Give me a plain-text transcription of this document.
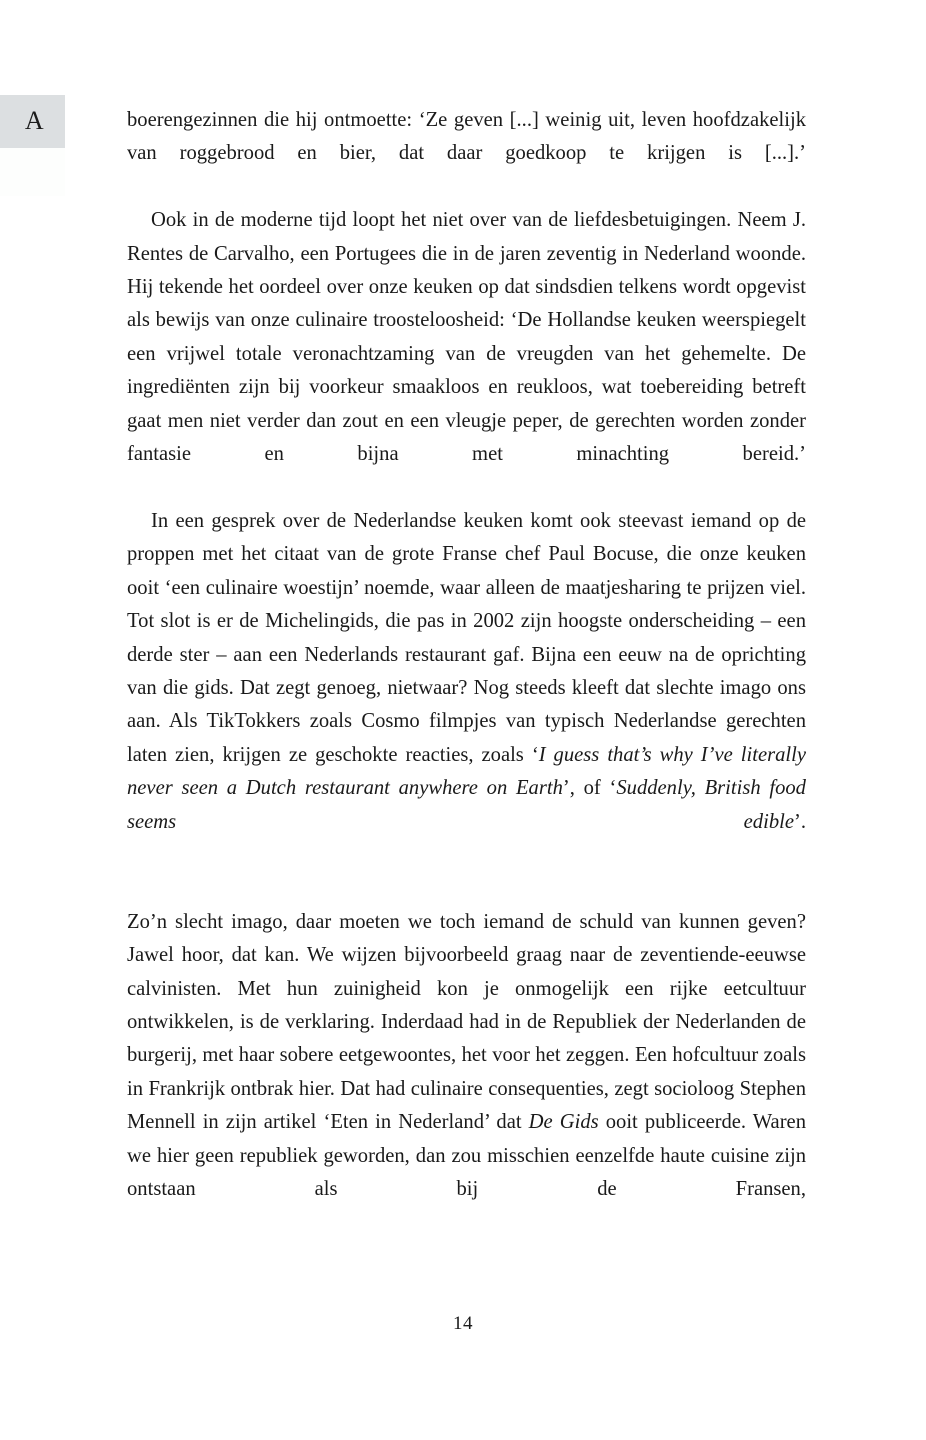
A	boerengezinnen die hij ontmoette: ‘Ze geven [...] weinig uit, leven hoofdzakelijk van roggebrood en bier, dat daar goedkoop te krijgen is [...].’

Ook in de moderne tijd loopt het niet over van de liefdesbetuigingen. Neem J. Rentes de Carvalho, een Portugees die in de jaren zeventig in Nederland woonde. Hij tekende het oordeel over onze keuken op dat sindsdien telkens wordt opgevist als bewijs van onze culinaire troosteloosheid: ‘De Hollandse keuken weerspiegelt een vrijwel totale veronachtzaming van de vreugden van het gehemelte. De ingrediënten zijn bij voorkeur smaakloos en reukloos, wat toebereiding betreft gaat men niet verder dan zout en een vleugje peper, de gerechten worden zonder fantasie en bijna met minachting bereid.’

In een gesprek over de Nederlandse keuken komt ook steevast iemand op de proppen met het citaat van de grote Franse chef Paul Bocuse, die onze keuken ooit ‘een culinaire woestijn’ noemde, waar alleen de maatjesharing te prijzen viel. Tot slot is er de Michelingids, die pas in 2002 zijn hoogste onderscheiding – een derde ster – aan een Nederlands restaurant gaf. Bijna een eeuw na de oprichting van die gids. Dat zegt genoeg, nietwaar? Nog steeds kleeft dat slechte imago ons aan. Als TikTokkers zoals Cosmo filmpjes van typisch Nederlandse gerechten laten zien, krijgen ze geschokte reacties, zoals ‘I guess that’s why I’ve literally never seen a Dutch restaurant anywhere on Earth’, of ‘Suddenly, British food seems edible’.

Zo’n slecht imago, daar moeten we toch iemand de schuld van kunnen geven? Jawel hoor, dat kan. We wijzen bijvoorbeeld graag naar de zeventiende-eeuwse calvinisten. Met hun zuinigheid kon je onmogelijk een rijke eetcultuur ontwikkelen, is de verklaring. Inderdaad had in de Republiek der Nederlanden de burgerij, met haar sobere eetgewoontes, het voor het zeggen. Een hofcultuur zoals in Frankrijk ontbrak hier. Dat had culinaire consequenties, zegt socioloog Stephen Mennell in zijn artikel ‘Eten in Nederland’ dat De Gids ooit publiceerde. Waren we hier geen republiek geworden, dan zou misschien eenzelfde haute cuisine zijn ontstaan als bij de Fransen,

14
